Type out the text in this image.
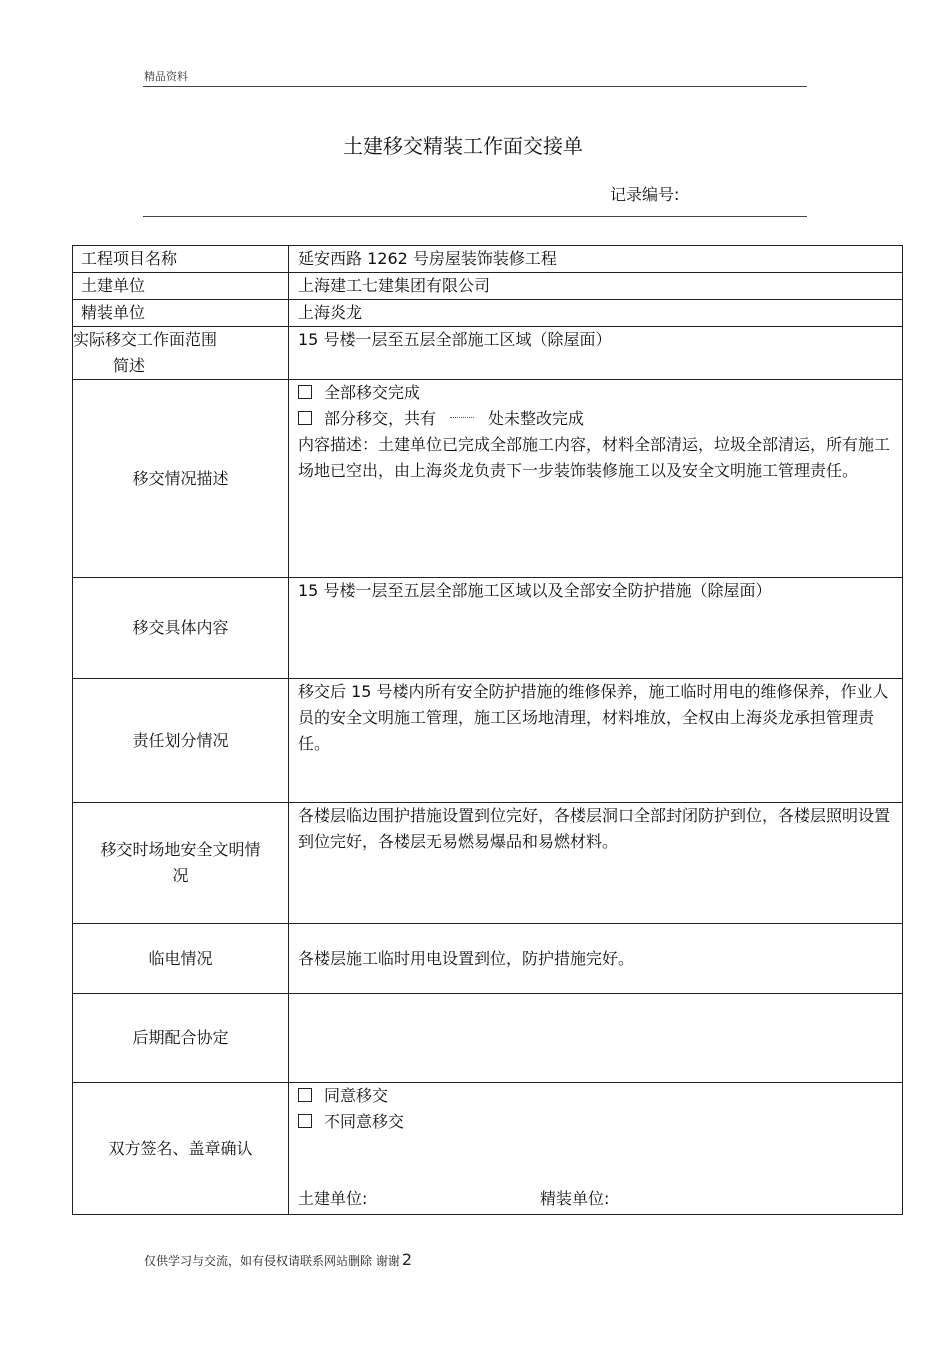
精品资料
土建移交精装工作面交接单
记录编号:
工程项目名称	延安西路 1262 号房屋装饰装修工程
土建单位	上海建工七建集团有限公司
精装单位	上海炎龙

实际移交工作面范围
简述	15 号楼一层至五层全部施工区域（除屋面）
移交情况描述	全部移交完成
部分移交，共有 处未整改完成
内容描述：土建单位已完成全部施工内容，材料全部清运，垃圾全部清运，所有施工场地已空出，由上海炎龙负责下一步装饰装修施工以及安全文明施工管理责任。

移交具体内容	15 号楼一层至五层全部施工区域以及全部安全防护措施（除屋面）
责任划分情况	移交后 15 号楼内所有安全防护措施的维修保养，施工临时用电的维修保养，作业人员的安全文明施工管理，施工区场地清理，材料堆放，全权由上海炎龙承担管理责任。

移交时场地安全文明情
况	各楼层临边围护措施设置到位完好，各楼层洞口全部封闭防护到位，各楼层照明设置到位完好，各楼层无易燃易爆品和易燃材料。
临电情况	各楼层施工临时用电设置到位，防护措施完好。
后期配合协定	
双方签名、盖章确认	同意移交
不同意移交
土建单位: 精装单位:
仅供学习与交流，如有侵权请联系网站删除 谢谢 2
